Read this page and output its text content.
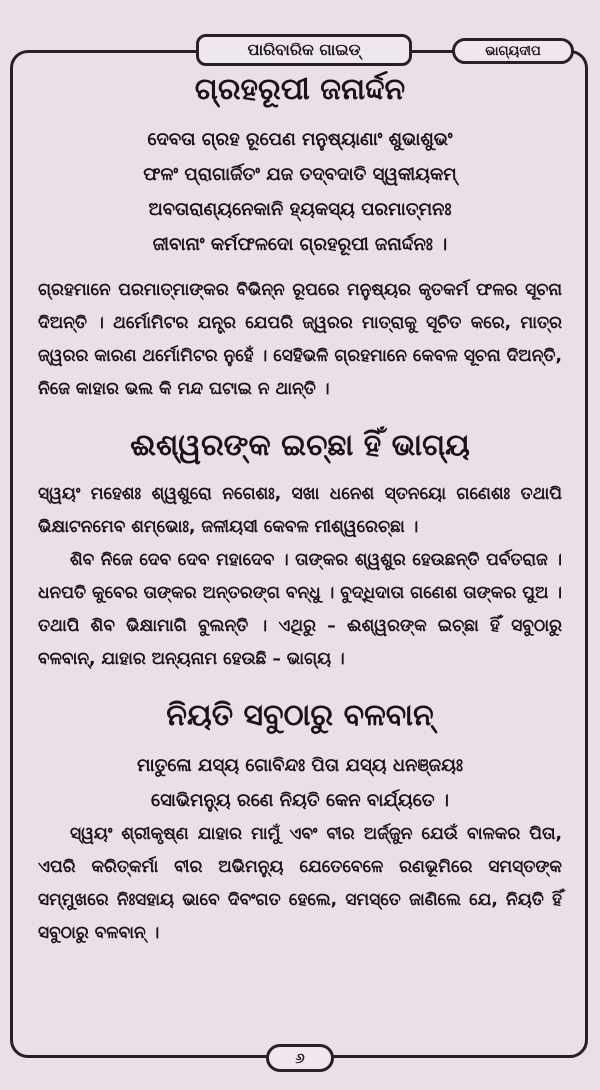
ପାରିବାରିକ ଗାଇଡ୍	ଭାଗ୍ୟଦୀପ
ଗ୍ରହରୂପୀ ଜନାର୍ଦ୍ଦନ

ଦେବତା ଗ୍ରହ ରୂପେଣ ମନୁଷ୍ୟାଣାଂ ଶୁଭାଶୁଭଂ

ଫଳଂ ପ୍ରାଗାର୍ଜିତଂ ଯଜ ତଦ୍‌ବଦାତି ସ୍ୱକୀୟକମ୍

ଅବତାରାଣ୍ୟନେକାନି ହ୍ୟକସ୍ୟ ପରମାତ୍ମନଃ

ଜୀବାନାଂ କର୍ମଫଳଦୋ ଗ୍ରହରୂପୀ ଜନାର୍ଦ୍ଦନଃ ।

ଗ୍ରହମାନେ ପରମାତ୍ମାଙ୍କର ବିଭିନ୍ନ ରୂପରେ ମନୁଷ୍ୟର କୃତକର୍ମ ଫଳର ସୂଚନା ଦିଅନ୍ତି । ଥର୍ମୋମିଟର ଯନ୍ତ୍ର ଯେପରି ଜ୍ୱରର ମାତ୍ରାକୁ ସୂଚିତ କରେ, ମାତ୍ର ଜ୍ୱରର କାରଣ ଥର୍ମୋମିଟର ନୁହେଁ । ସେହିଭଳି ଗ୍ରହମାନେ କେବଳ ସୂଚନା ଦିଅନ୍ତି, ନିଜେ କାହାର ଭଲ କି ମନ୍ଦ ଘଟାଇ ନ ଥାନ୍ତି ।

ଈଶ୍ୱରଙ୍କ ଇଚ୍ଛା ହିଁ ଭାଗ୍ୟ

ସ୍ୱୟଂ ମହେଶଃ ଶ୍ୱଶୁରୋ ନଗେଶଃ, ସଖା ଧନେଶ ସ୍ତନୟୋ ଗଣେଶଃ ତଥାପି ଭିକ୍ଷାଟନମେବ ଶମ୍ଭୋଃ, ଜଳୀୟସୀ କେବଳ ମୀଶ୍ୱରେଚ୍ଛା ।

ଶିବ ନିଜେ ଦେବ ଦେବ ମହାଦେବ । ତାଙ୍କର ଶ୍ୱଶୁର ହେଉଛନ୍ତି ପର୍ବତରାଜ । ଧନପତି କୁବେର ତାଙ୍କର ଅନ୍ତରଙ୍ଗ ବନ୍ଧୁ । ବୁଦ୍ଧିଦାତା ଗଣେଶ ତାଙ୍କର ପୁଅ । ତଥାପି ଶିବ ଭିକ୍ଷାମାଗି ବୁଲନ୍ତି । ଏଥିରୁ – ଈଶ୍ୱରଙ୍କ ଇଚ୍ଛା ହିଁ ସବୁଠାରୁ ବଳବାନ୍, ଯାହାର ଅନ୍ୟନାମ ହେଉଛି – ଭାଗ୍ୟ ।

ନିୟତି ସବୁଠାରୁ ବଳବାନ୍

ମାତୁଳୋ ଯସ୍ୟ ଗୋବିନ୍ଦଃ ପିତା ଯସ୍ୟ ଧନଞ୍ଜୟଃ

ସୋଭିମନ୍ୟୁ ରଣେ ନିୟତି କେନ ବାର୍ଯ୍ୟତେ ।

ସ୍ୱୟଂ ଶ୍ରୀକୃଷ୍ଣ ଯାହାର ମାମୁଁ ଏବଂ ବୀର ଅର୍ଜ୍ଜୁନ ଯେଉଁ ବାଳକର ପିତା, ଏପରି କରିତ୍‌କର୍ମା ବୀର ଅଭିମନ୍ୟୁ ଯେତେବେଳେ ରଣଭୂମିରେ ସମସ୍ତଙ୍କ ସମ୍ମୁଖରେ ନିଃସହାୟ ଭାବେ ଦିବଂଗତ ହେଲେ, ସମସ୍ତେ ଜାଣିଲେ ଯେ, ନିୟତି ହିଁ ସବୁଠାରୁ ବଳବାନ୍ ।

୬
